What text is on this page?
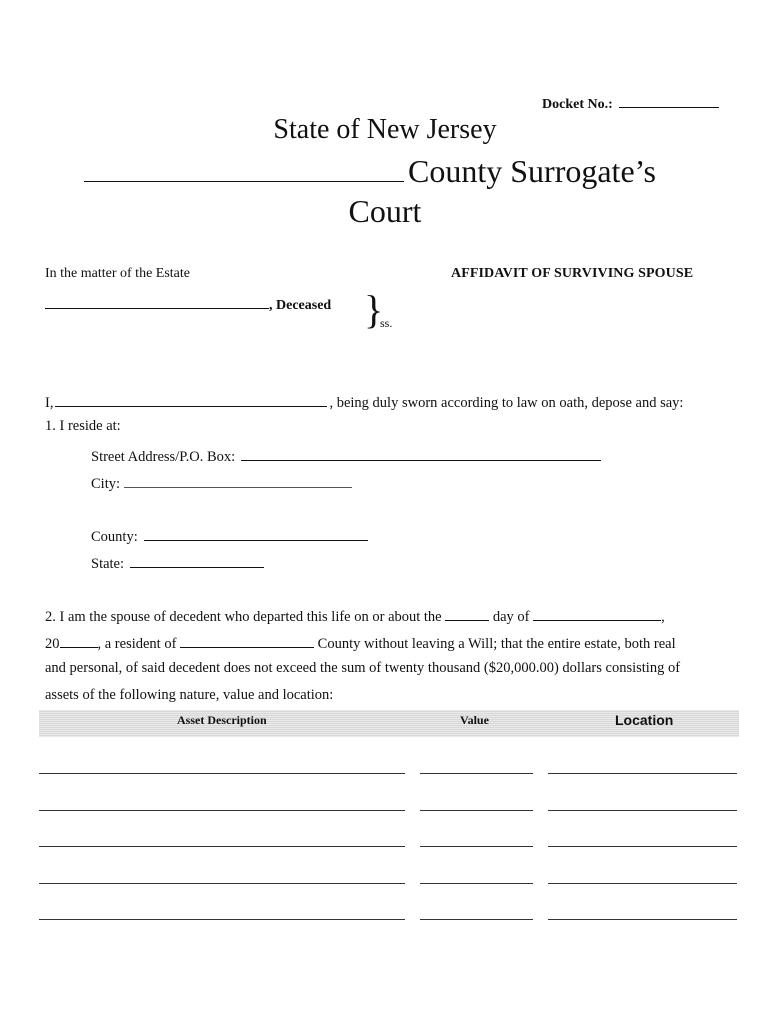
Docket No.:
State of New Jersey
County Surrogate’s
Court
In the matter of the Estate	AFFIDAVIT OF SURVIVING SPOUSE
, Deceased }
ss.
I,	, being duly sworn according to law on oath, depose and say:
1. I reside at:
Street Address/P.O. Box:
City:
County:
State:
2. I am the spouse of decedent who departed this life on or about the	day of	,
20	, a resident of	County without leaving a Will; that the entire estate, both real
and personal, of said decedent does not exceed the sum of twenty thousand ($20,000.00) dollars consisting of
assets of the following nature, value and location:
Asset Description	Value	Location
